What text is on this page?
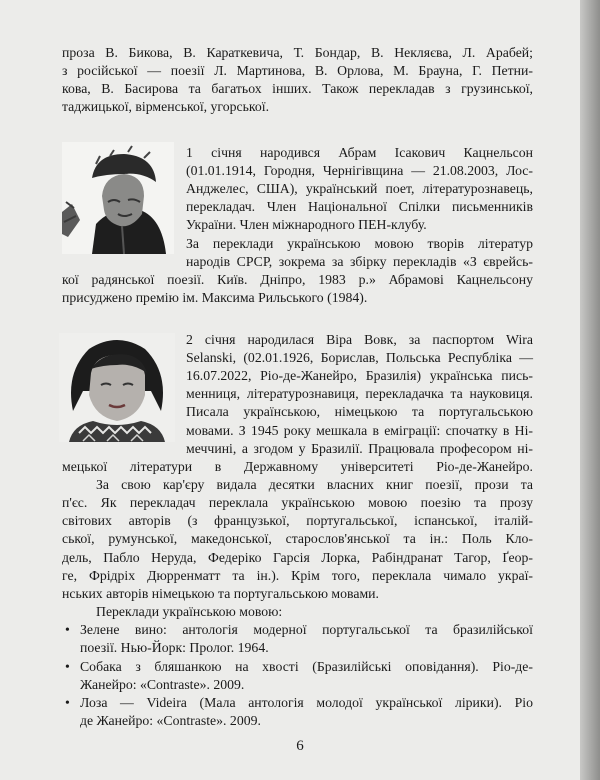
проза В. Бикова, В. Караткевича, Т. Бондар, В. Некляєва, Л. Арабей;
з російської — поезії Л. Мартинова, В. Орлова, М. Брауна, Г. Петни-
кова, В. Басирова та багатьох інших. Також перекладав з грузинської,
таджицької, вірменської, угорської.
1 січня народився Абрам Ісакович Кацнельсон
(01.01.1914, Городня, Чернігівщина — 21.08.2003, Лос-
Анджелес, США), український поет, літературознавець,
перекладач. Член Національної Спілки письменників
України. Член міжнародного ПЕН-клубу.
За переклади українською мовою творів літератур
народів СРСР, зокрема за збірку перекладів «З єврейсь-
кої радянської поезії. Київ. Дніпро, 1983 р.» Абрамові Кацнельсону
присуджено премію ім. Максима Рильського (1984).
2 січня народилася Віра Вовк, за паспортом Wira
Selanski, (02.01.1926, Борислав, Польська Республіка —
16.07.2022, Ріо-де-Жанейро, Бразилія) українська пись-
менниця, літературознавиця, перекладачка та науковиця.
Писала українською, німецькою та португальською
мовами. З 1945 року мешкала в еміграції: спочатку в Ні-
меччині, а згодом у Бразилії. Працювала професором ні-
мецької літератури в Державному університеті Ріо-де-Жанейро.
За свою кар'єру видала десятки власних книг поезії, прози та
п'єс. Як перекладач переклала українською мовою поезію та прозу
світових авторів (з французької, португальської, іспанської, італій-
ської, румунської, македонської, старослов'янської та ін.: Поль Кло-
дель, Пабло Неруда, Федеріко Гарсія Лорка, Рабіндранат Тагор, Ґеор-
ге, Фрідріх Дюрренматт та ін.). Крім того, переклала чимало украї-
нських авторів німецькою та португальською мовами.
Переклади українською мовою:
• Зелене вино: антологія модерної португальської та бразилійської
поезії. Нью-Йорк: Пролог. 1964.
• Собака з бляшанкою на хвості (Бразилійські оповідання). Ріо-де-
Жанейро: «Contraste». 2009.
• Лоза — Videira (Мала антологія молодої української лірики). Ріо
де Жанейро: «Contraste». 2009.
6
